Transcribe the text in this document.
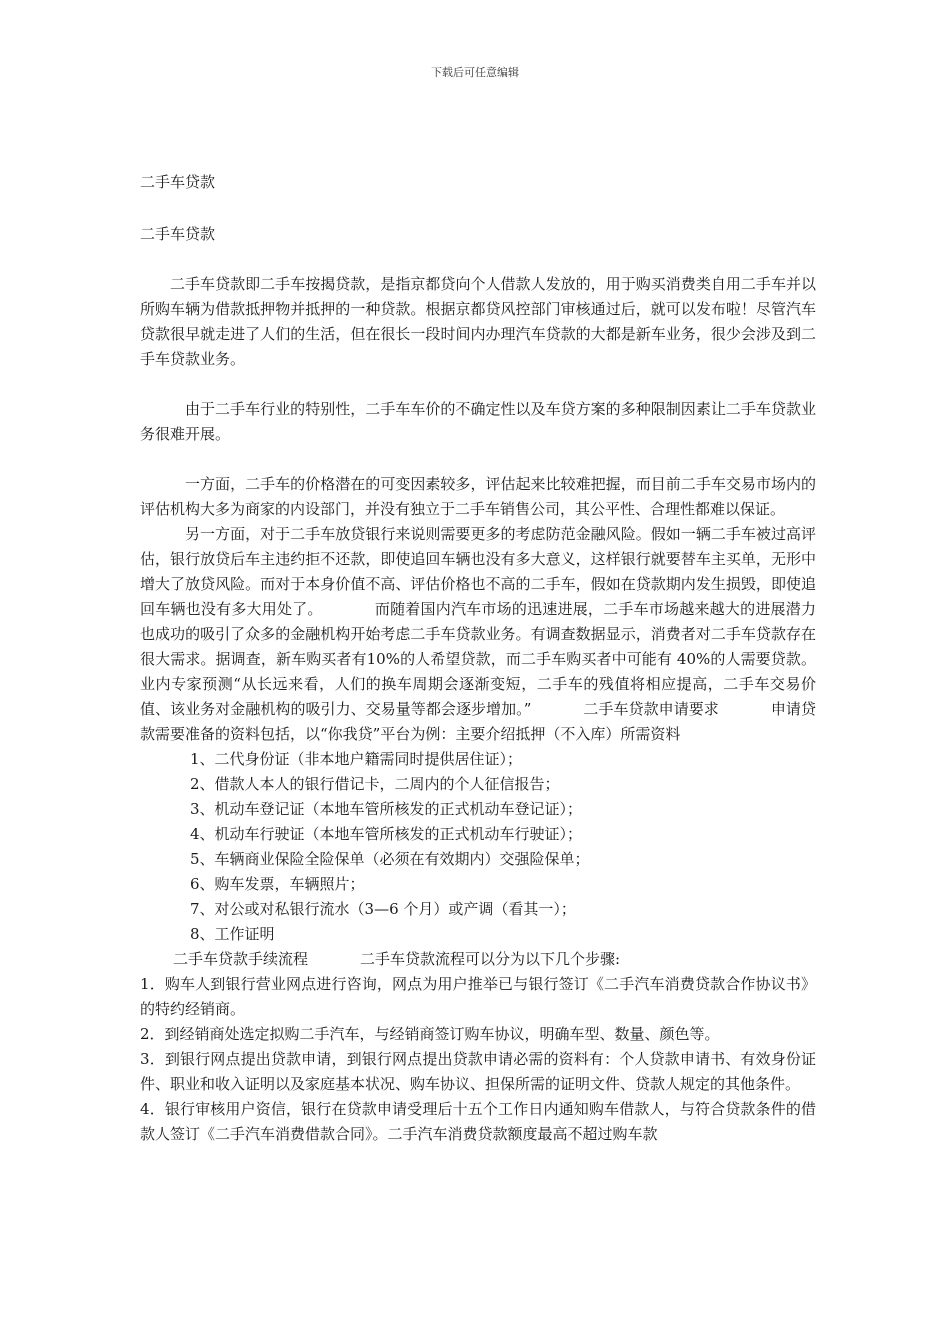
下载后可任意编辑

二手车贷款

二手车贷款

二手车贷款即二手车按揭贷款，是指京都贷向个人借款人发放的，用于购买消费类自用二手车并以所购车辆为借款抵押物并抵押的一种贷款。根据京都贷风控部门审核通过后，就可以发布啦！尽管汽车贷款很早就走进了人们的生活，但在很长一段时间内办理汽车贷款的大都是新车业务，很少会涉及到二手车贷款业务。

由于二手车行业的特别性，二手车车价的不确定性以及车贷方案的多种限制因素让二手车贷款业务很难开展。

一方面，二手车的价格潜在的可变因素较多，评估起来比较难把握，而目前二手车交易市场内的评估机构大多为商家的内设部门，并没有独立于二手车销售公司，其公平性、合理性都难以保证。

另一方面，对于二手车放贷银行来说则需要更多的考虑防范金融风险。假如一辆二手车被过高评估，银行放贷后车主违约拒不还款，即使追回车辆也没有多大意义，这样银行就要替车主买单，无形中增大了放贷风险。而对于本身价值不高、评估价格也不高的二手车，假如在贷款期内发生损毁，即使追回车辆也没有多大用处了。	而随着国内汽车市场的迅速进展，二手车市场越来越大的进展潜力也成功的吸引了众多的金融机构开始考虑二手车贷款业务。有调查数据显示，消费者对二手车贷款存在很大需求。据调查，新车购买者有10%的人希望贷款，而二手车购买者中可能有 40%的人需要贷款。业内专家预测“从长远来看，人们的换车周期会逐渐变短，二手车的残值将相应提高，二手车交易价值、该业务对金融机构的吸引力、交易量等都会逐步增加。”	二手车贷款申请要求	申请贷款需要准备的资料包括，以“你我贷”平台为例：主要介绍抵押（不入库）所需资料

1、二代身份证（非本地户籍需同时提供居住证）；

2、借款人本人的银行借记卡，二周内的个人征信报告；

3、机动车登记证（本地车管所核发的正式机动车登记证）；

4、机动车行驶证（本地车管所核发的正式机动车行驶证）；

5、车辆商业保险全险保单（必须在有效期内）交强险保单；

6、购车发票，车辆照片；

7、对公或对私银行流水（3—6 个月）或产调（看其一）；

8、工作证明

二手车贷款手续流程	二手车贷款流程可以分为以下几个步骤:

1．购车人到银行营业网点进行咨询，网点为用户推举已与银行签订《二手汽车消费贷款合作协议书》的特约经销商。

2．到经销商处选定拟购二手汽车，与经销商签订购车协议，明确车型、数量、颜色等。

3．到银行网点提出贷款申请，到银行网点提出贷款申请必需的资料有：个人贷款申请书、有效身份证件、职业和收入证明以及家庭基本状况、购车协议、担保所需的证明文件、贷款人规定的其他条件。

4．银行审核用户资信，银行在贷款申请受理后十五个工作日内通知购车借款人，与符合贷款条件的借款人签订《二手汽车消费借款合同》。二手汽车消费贷款额度最高不超过购车款
